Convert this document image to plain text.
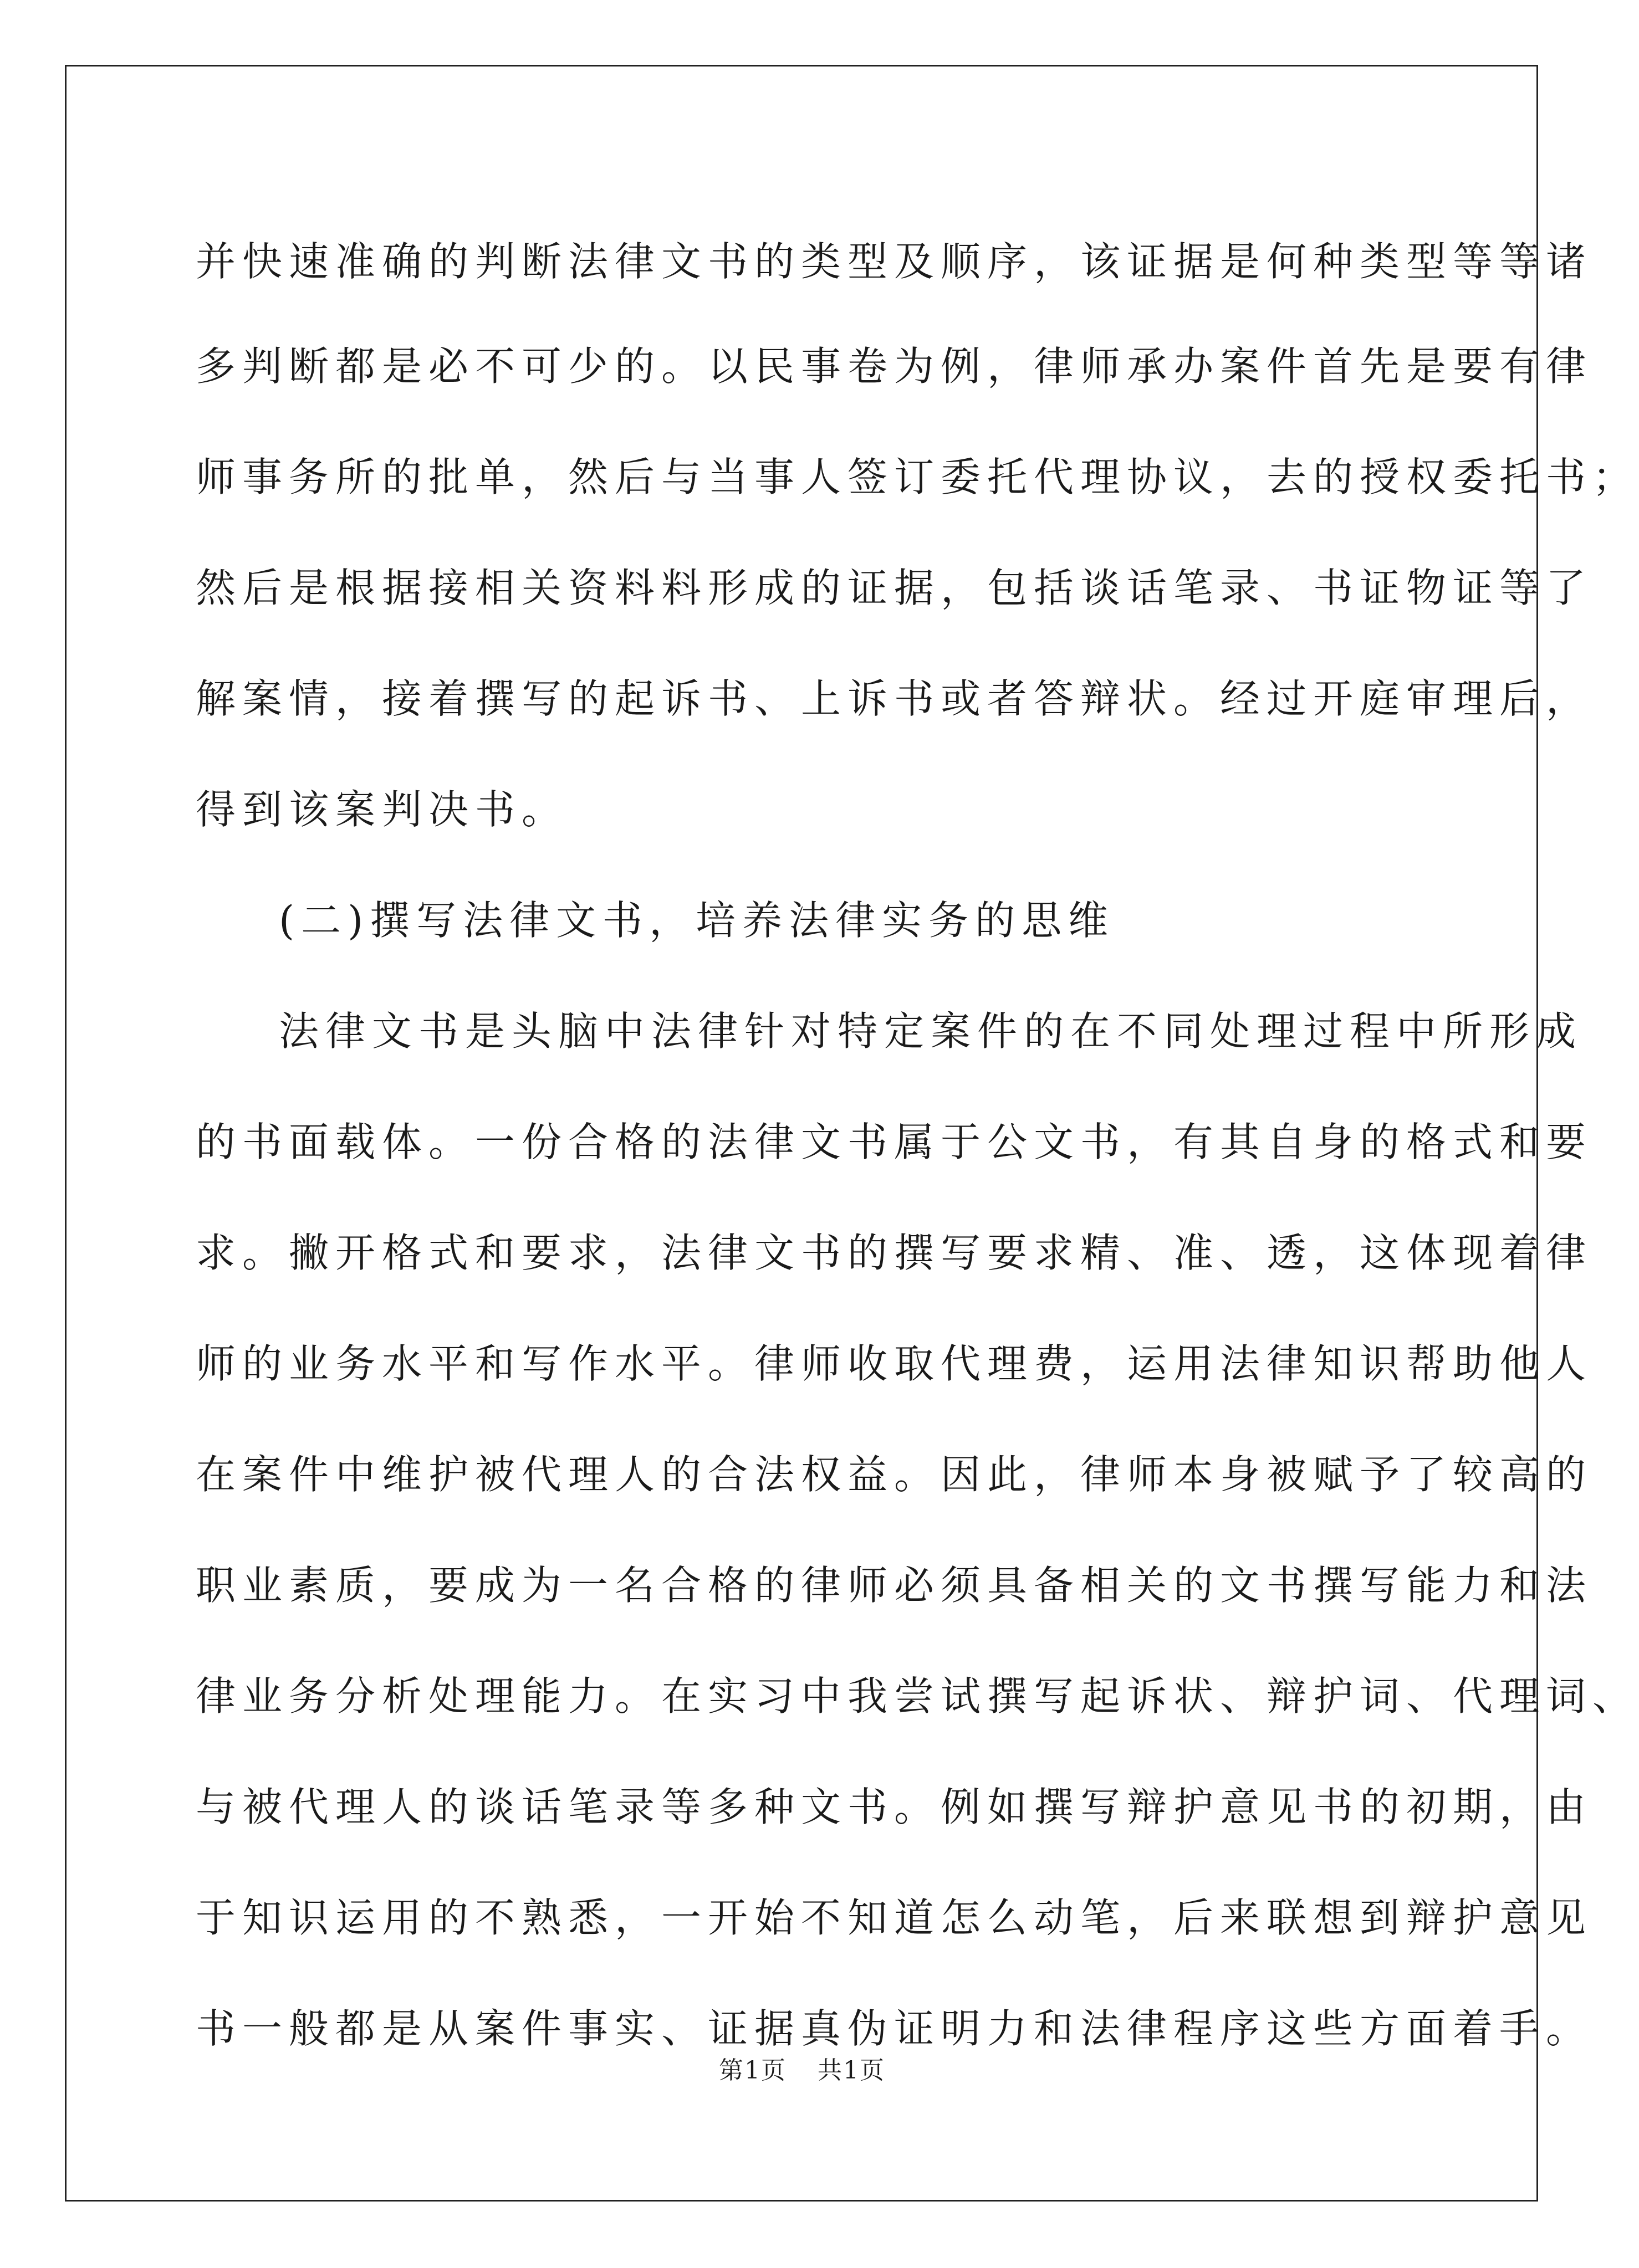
并快速准确的判断法律文书的类型及顺序，该证据是何种类型等等诸
多判断都是必不可少的。以民事卷为例，律师承办案件首先是要有律
师事务所的批单，然后与当事人签订委托代理协议，去的授权委托书；
然后是根据接相关资料料形成的证据，包括谈话笔录、书证物证等了
解案情，接着撰写的起诉书、上诉书或者答辩状。经过开庭审理后，
得到该案判决书。
(二)撰写法律文书，培养法律实务的思维
法律文书是头脑中法律针对特定案件的在不同处理过程中所形成
的书面载体。一份合格的法律文书属于公文书，有其自身的格式和要
求。撇开格式和要求，法律文书的撰写要求精、准、透，这体现着律
师的业务水平和写作水平。律师收取代理费，运用法律知识帮助他人
在案件中维护被代理人的合法权益。因此，律师本身被赋予了较高的
职业素质，要成为一名合格的律师必须具备相关的文书撰写能力和法
律业务分析处理能力。在实习中我尝试撰写起诉状、辩护词、代理词、
与被代理人的谈话笔录等多种文书。例如撰写辩护意见书的初期，由
于知识运用的不熟悉，一开始不知道怎么动笔，后来联想到辩护意见
书一般都是从案件事实、证据真伪证明力和法律程序这些方面着手。
第1页 共1页
